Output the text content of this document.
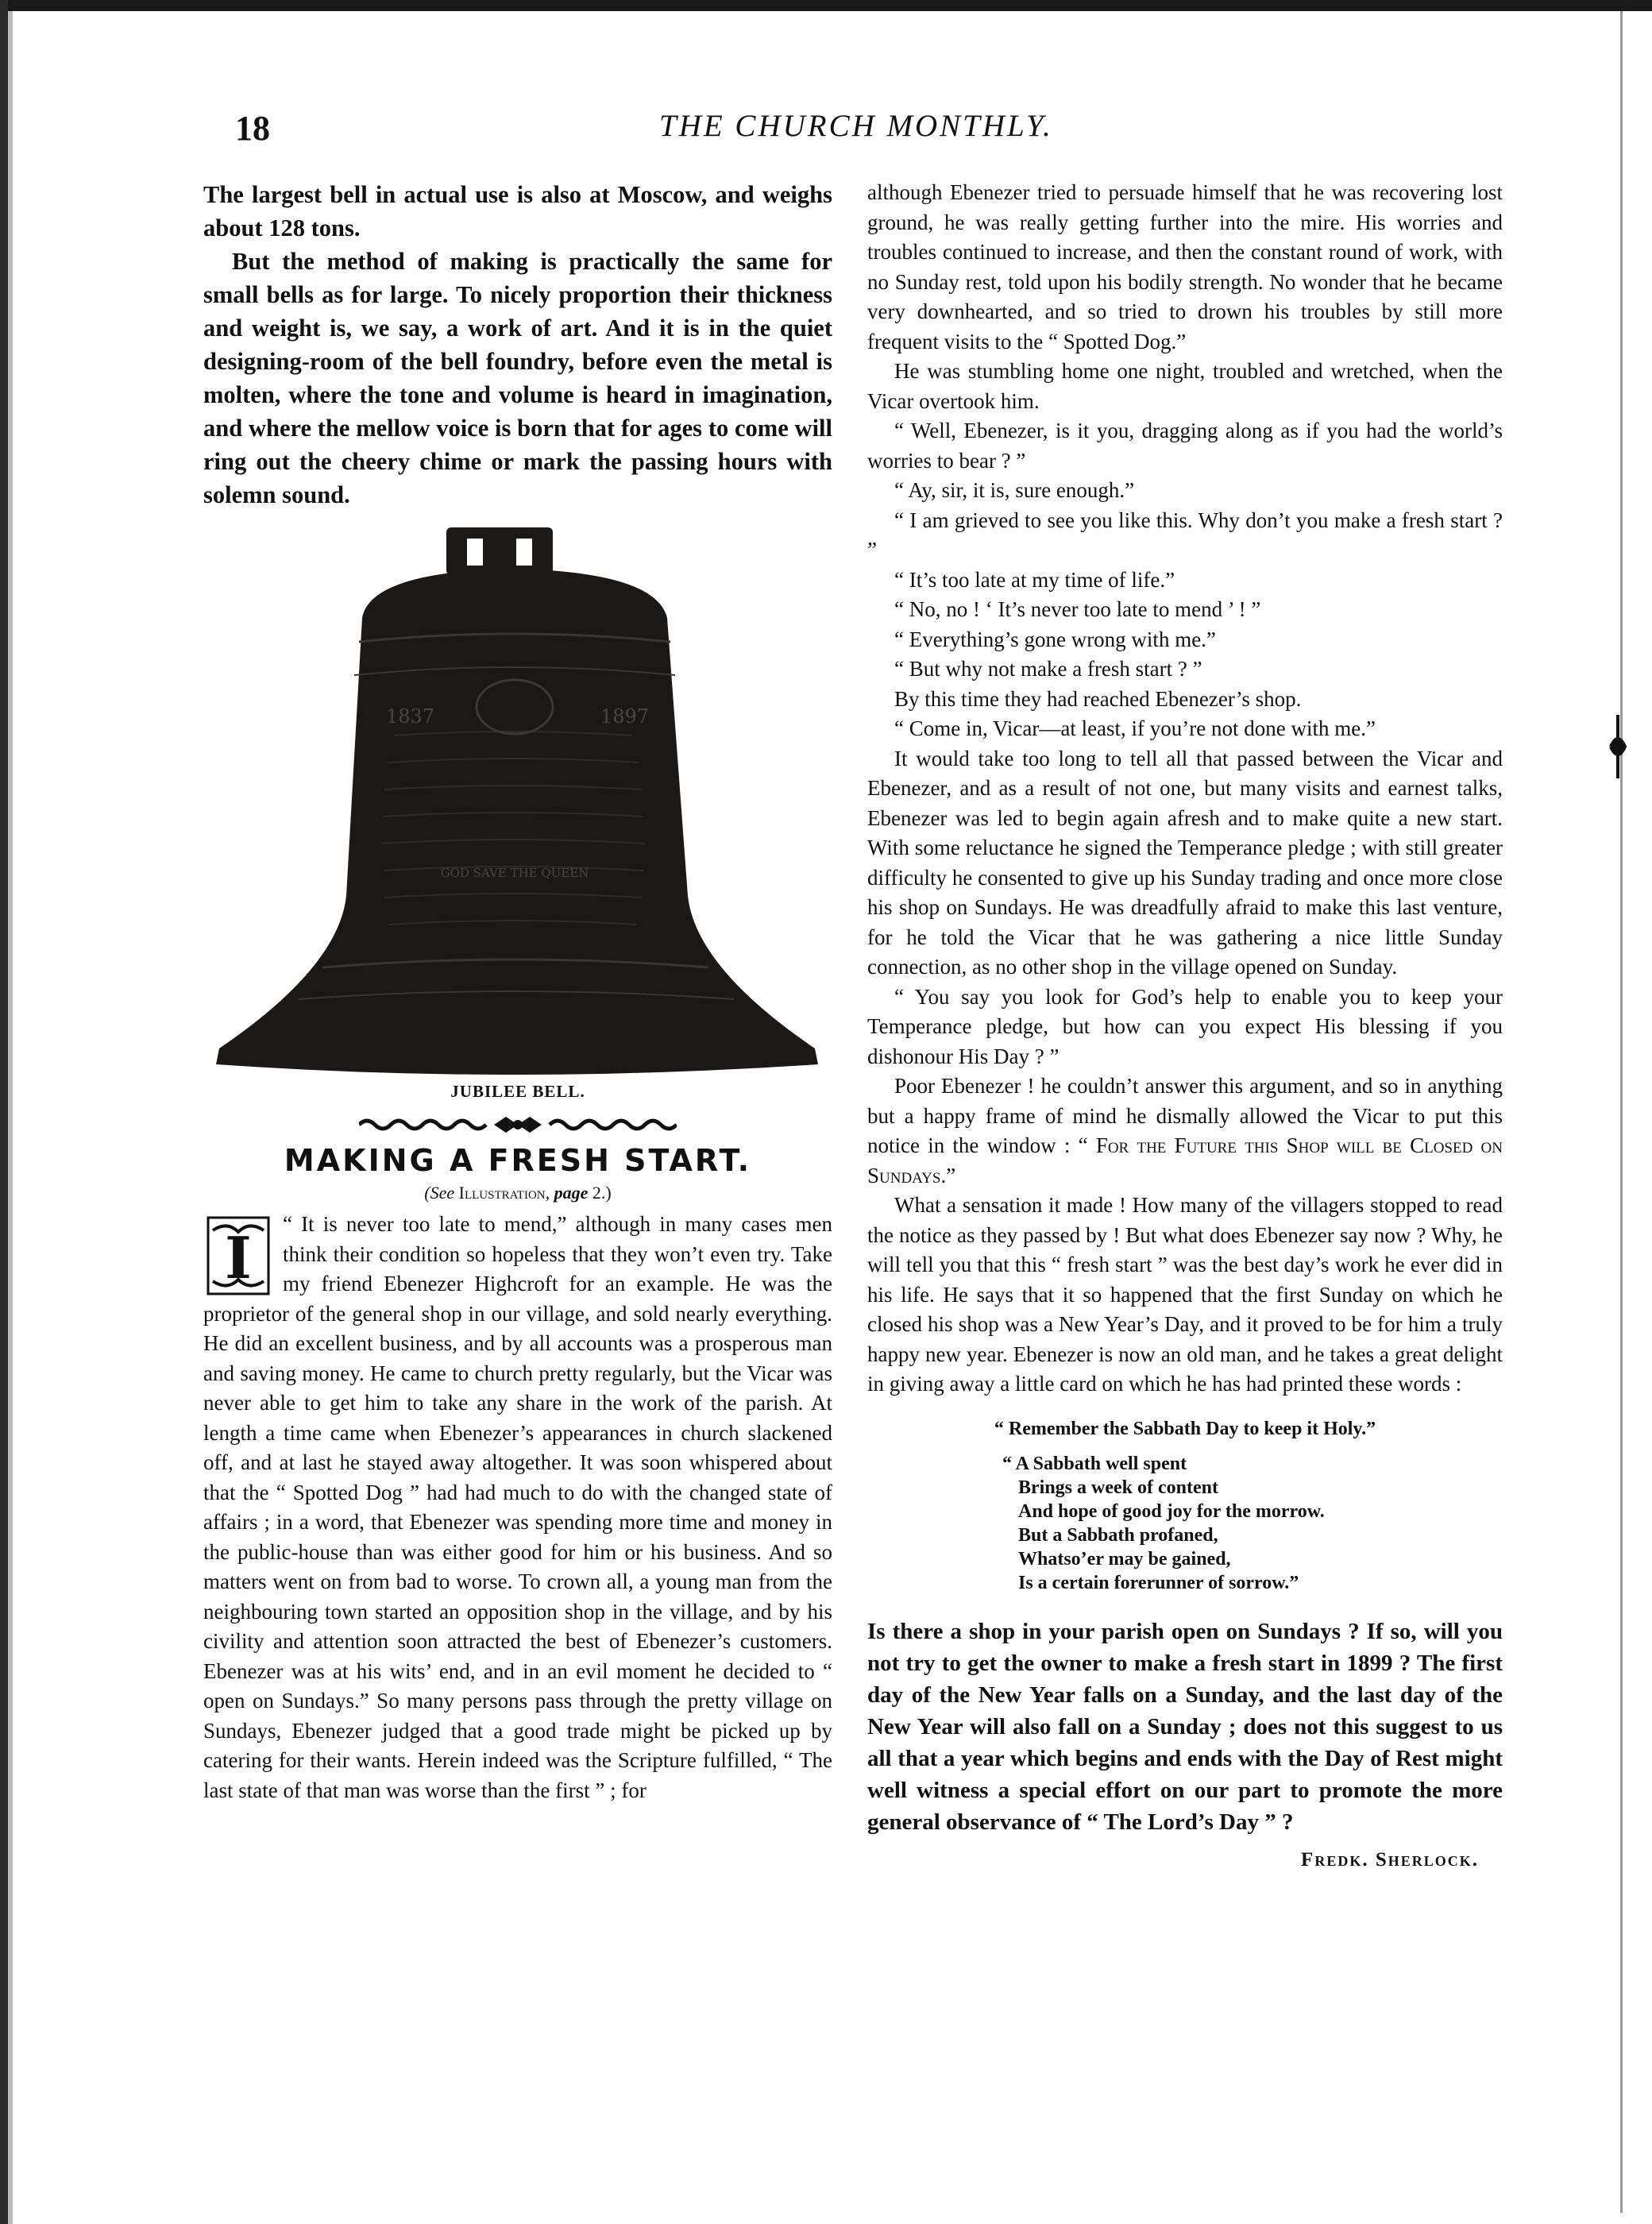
18	THE CHURCH MONTHLY.

The largest bell in actual use is also at Moscow, and weighs about 128 tons.

But the method of making is practically the same for small bells as for large. To nicely proportion their thickness and weight is, we say, a work of art. And it is in the quiet designing-room of the bell foundry, before even the metal is molten, where the tone and volume is heard in imagination, and where the mellow voice is born that for ages to come will ring out the cheery chime or mark the passing hours with solemn sound.

1837	1897
GOD SAVE THE QUEEN
JUBILEE BELL.
MAKING A FRESH START.
(See Illustration, page 2.)
I	“ It is never too late to mend,” although in many cases men think their condition so hopeless that they won’t even try. Take my friend Ebenezer Highcroft for an example. He was the proprietor of the general shop in our village, and sold nearly everything. He did an excellent business, and by all accounts was a prosperous man and saving money. He came to church pretty regularly, but the Vicar was never able to get him to take any share in the work of the parish. At length a time came when Ebenezer’s appearances in church slackened off, and at last he stayed away altogether. It was soon whispered about that the “ Spotted Dog ” had had much to do with the changed state of affairs ; in a word, that Ebenezer was spending more time and money in the public-house than was either good for him or his business. And so matters went on from bad to worse. To crown all, a young man from the neighbouring town started an opposition shop in the village, and by his civility and attention soon attracted the best of Ebenezer’s customers. Ebenezer was at his wits’ end, and in an evil moment he decided to “ open on Sundays.” So many persons pass through the pretty village on Sundays, Ebenezer judged that a good trade might be picked up by catering for their wants. Herein indeed was the Scripture fulfilled, “ The last state of that man was worse than the first ” ; for

although Ebenezer tried to persuade himself that he was recovering lost ground, he was really getting further into the mire. His worries and troubles continued to increase, and then the constant round of work, with no Sunday rest, told upon his bodily strength. No wonder that he became very downhearted, and so tried to drown his troubles by still more frequent visits to the “ Spotted Dog.”

He was stumbling home one night, troubled and wretched, when the Vicar overtook him.

“ Well, Ebenezer, is it you, dragging along as if you had the world’s worries to bear ? ”

“ Ay, sir, it is, sure enough.”

“ I am grieved to see you like this. Why don’t you make a fresh start ? ”

“ It’s too late at my time of life.”

“ No, no ! ‘ It’s never too late to mend ’ ! ”

“ Everything’s gone wrong with me.”

“ But why not make a fresh start ? ”

By this time they had reached Ebenezer’s shop.

“ Come in, Vicar—at least, if you’re not done with me.”

It would take too long to tell all that passed between the Vicar and Ebenezer, and as a result of not one, but many visits and earnest talks, Ebenezer was led to begin again afresh and to make quite a new start. With some reluctance he signed the Temperance pledge ; with still greater difficulty he consented to give up his Sunday trading and once more close his shop on Sundays. He was dreadfully afraid to make this last venture, for he told the Vicar that he was gathering a nice little Sunday connection, as no other shop in the village opened on Sunday.

“ You say you look for God’s help to enable you to keep your Temperance pledge, but how can you expect His blessing if you dishonour His Day ? ”

Poor Ebenezer ! he couldn’t answer this argument, and so in anything but a happy frame of mind he dismally allowed the Vicar to put this notice in the window : “ For the Future this Shop will be Closed on Sundays.”

What a sensation it made ! How many of the villagers stopped to read the notice as they passed by ! But what does Ebenezer say now ? Why, he will tell you that this “ fresh start ” was the best day’s work he ever did in his life. He says that it so happened that the first Sunday on which he closed his shop was a New Year’s Day, and it proved to be for him a truly happy new year. Ebenezer is now an old man, and he takes a great delight in giving away a little card on which he has had printed these words :

“ Remember the Sabbath Day to keep it Holy.”
“ A Sabbath well spent
Brings a week of content
And hope of good joy for the morrow.
But a Sabbath profaned,
Whatso’er may be gained,
Is a certain forerunner of sorrow.”

Is there a shop in your parish open on Sundays ? If so, will you not try to get the owner to make a fresh start in 1899 ? The first day of the New Year falls on a Sunday, and the last day of the New Year will also fall on a Sunday ; does not this suggest to us all that a year which begins and ends with the Day of Rest might well witness a special effort on our part to promote the more general observance of “ The Lord’s Day ” ?

Fredk. Sherlock.
